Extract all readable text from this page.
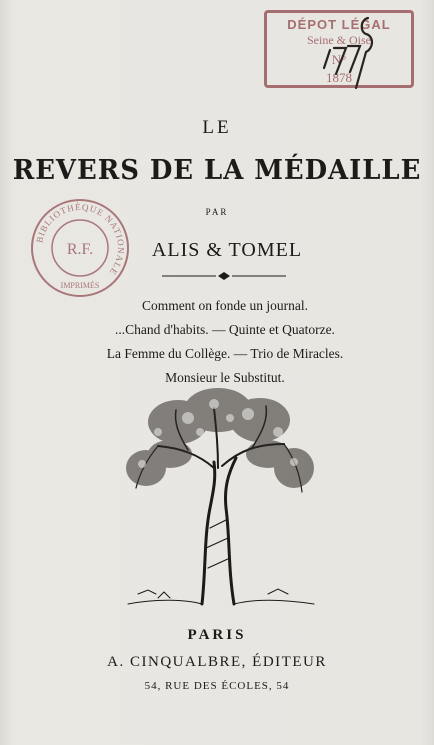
DÉPOT LÉGAL
Seine & Oise
N°
1878
BIBLIOTHÈQUE NATIONALE
R.F.
IMPRIMÉS
LE
REVERS DE LA MÉDAILLE
PAR
ALIS & TOMEL
Comment on fonde un journal.
...Chand d'habits. — Quinte et Quatorze.
La Femme du Collège. — Trio de Miracles.
Monsieur le Substitut.
PARIS
A. CINQUALBRE, ÉDITEUR
54, RUE DES ÉCOLES, 54
